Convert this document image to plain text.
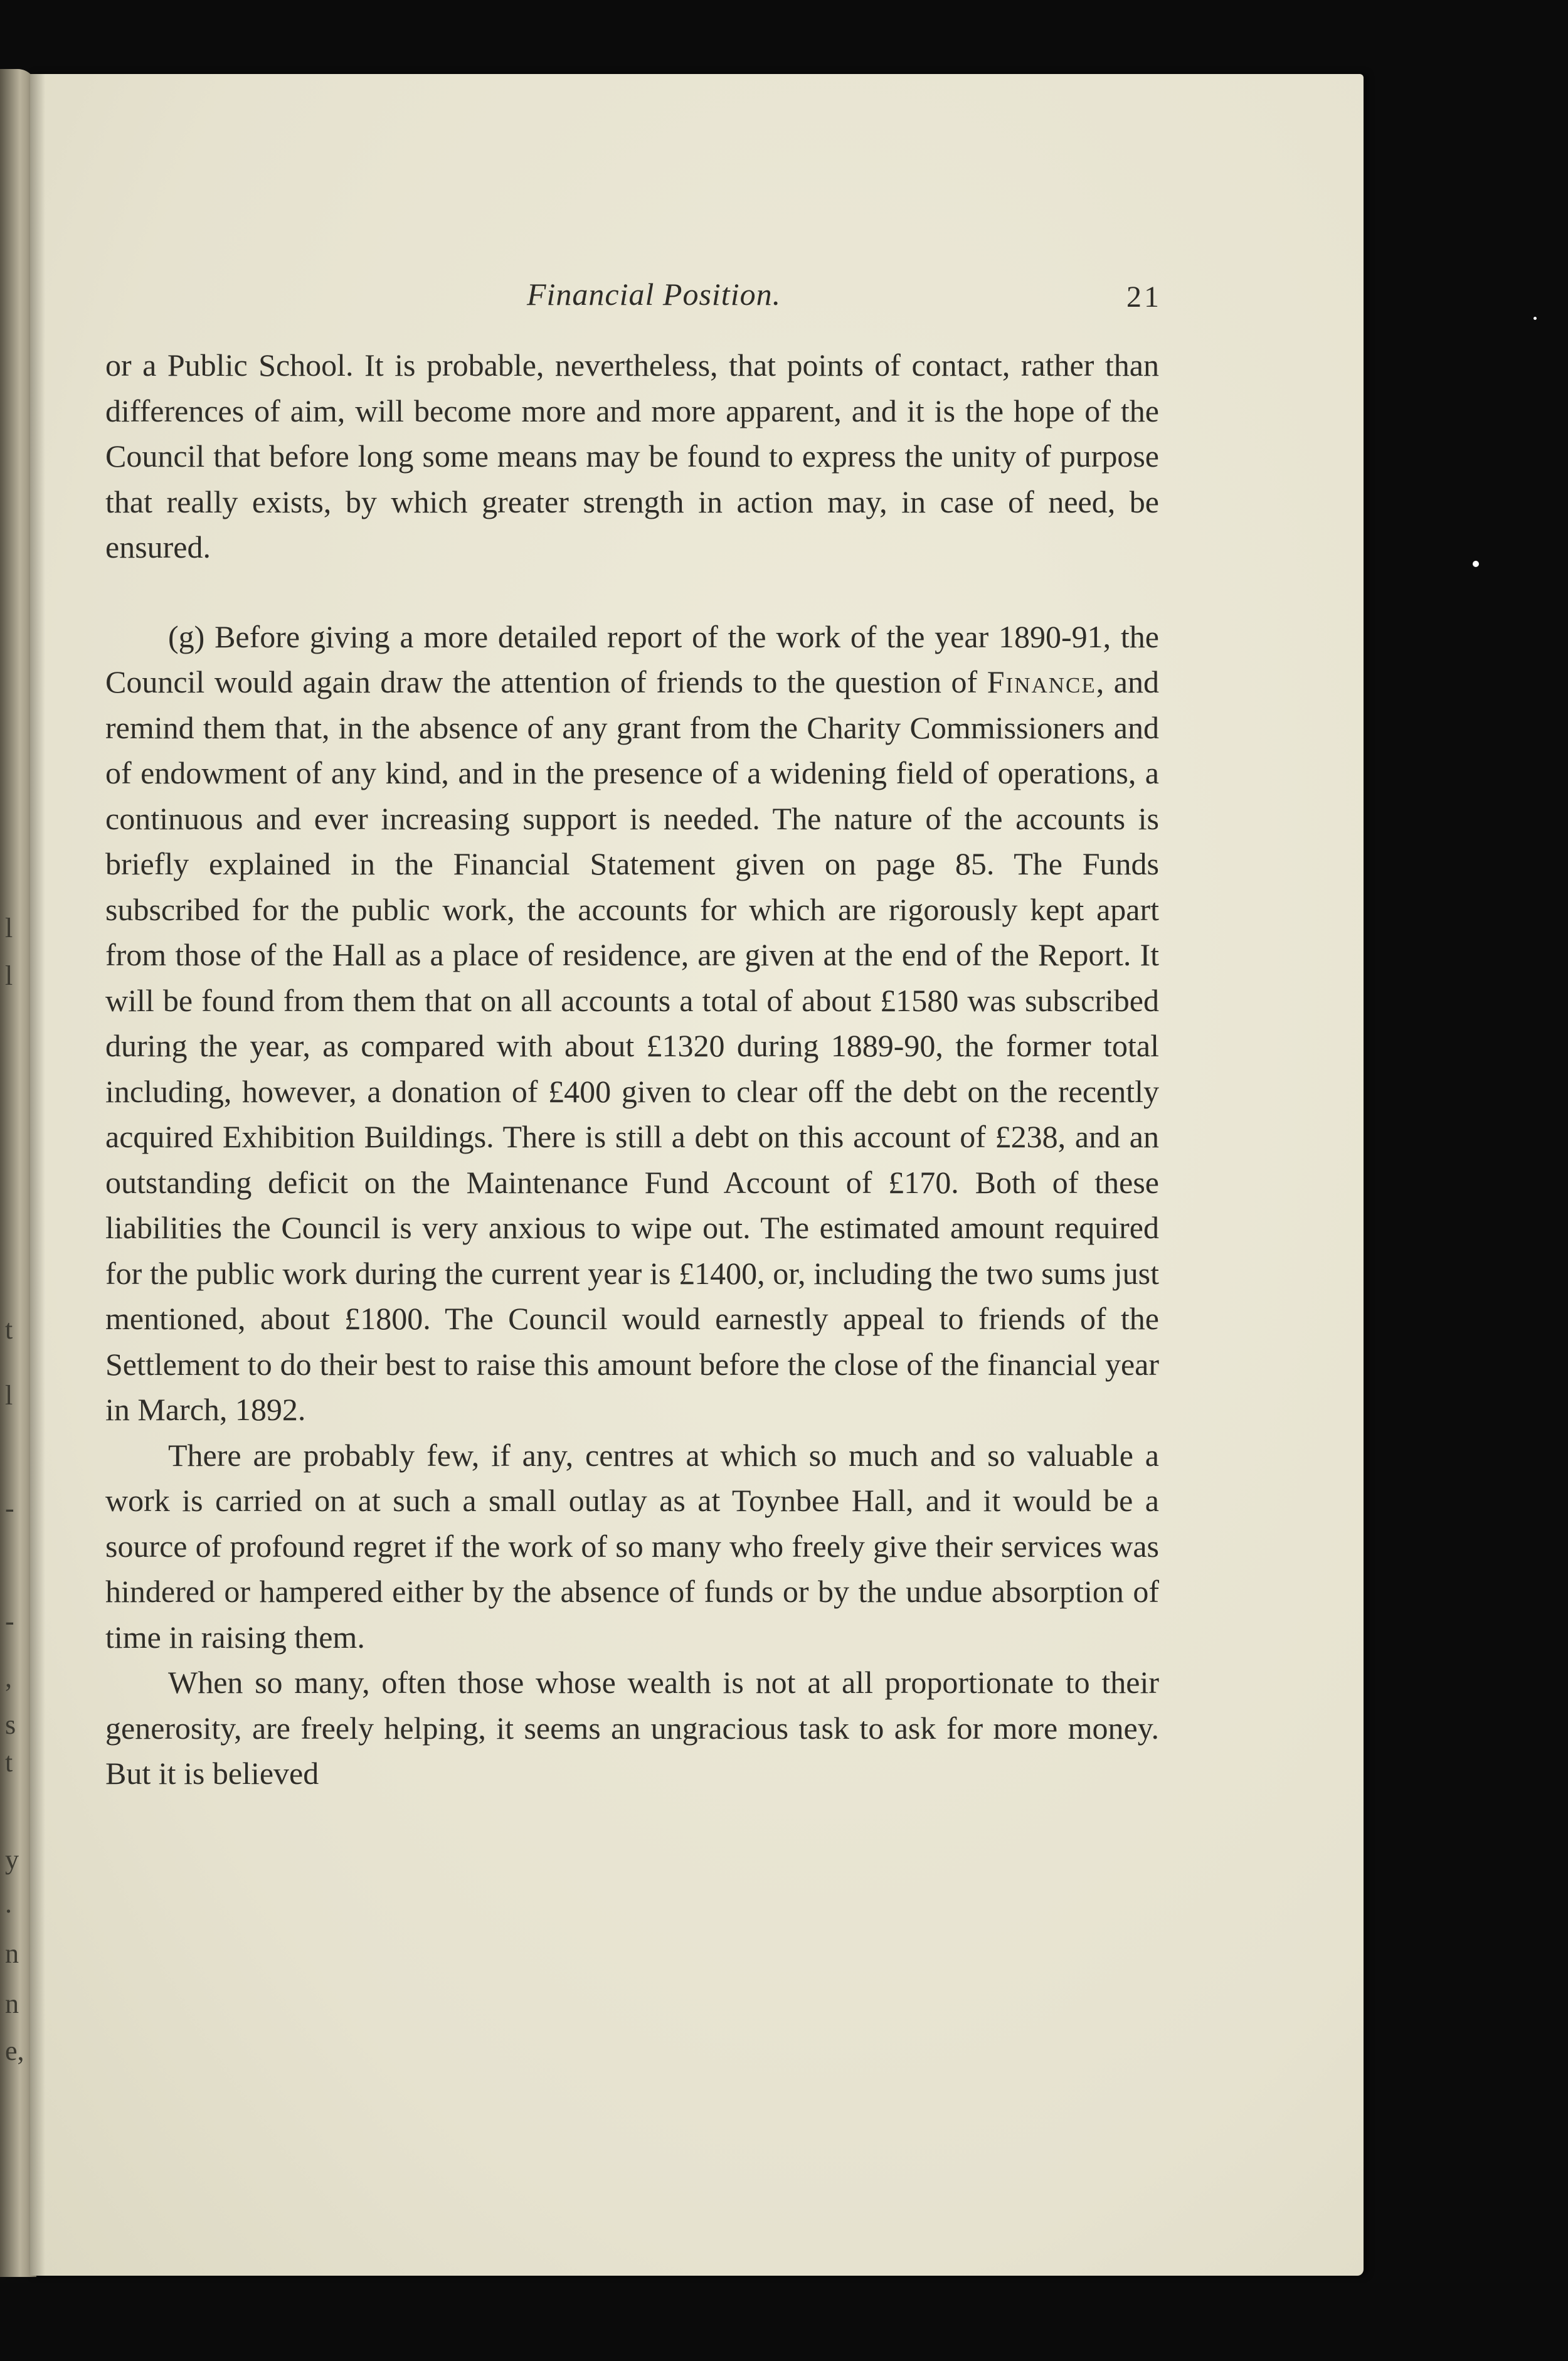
Financial Position.	21

or a Public School. It is probable, nevertheless, that points of contact, rather than differences of aim, will become more and more apparent, and it is the hope of the Council that before long some means may be found to express the unity of purpose that really exists, by which greater strength in action may, in case of need, be ensured.

(g) Before giving a more detailed report of the work of the year 1890-91, the Council would again draw the attention of friends to the question of Finance, and remind them that, in the absence of any grant from the Charity Commissioners and of endowment of any kind, and in the presence of a widening field of operations, a continuous and ever increasing support is needed. The nature of the accounts is briefly explained in the Financial Statement given on page 85. The Funds subscribed for the public work, the accounts for which are rigorously kept apart from those of the Hall as a place of residence, are given at the end of the Report. It will be found from them that on all accounts a total of about £1580 was subscribed during the year, as compared with about £1320 during 1889-90, the former total including, however, a donation of £400 given to clear off the debt on the recently acquired Exhibition Buildings. There is still a debt on this account of £238, and an outstanding deficit on the Maintenance Fund Account of £170. Both of these liabilities the Council is very anxious to wipe out. The estimated amount required for the public work during the current year is £1400, or, including the two sums just mentioned, about £1800. The Council would earnestly appeal to friends of the Settlement to do their best to raise this amount before the close of the financial year in March, 1892.

There are probably few, if any, centres at which so much and so valuable a work is carried on at such a small outlay as at Toynbee Hall, and it would be a source of profound regret if the work of so many who freely give their services was hindered or hampered either by the absence of funds or by the undue absorption of time in raising them.

When so many, often those whose wealth is not at all proportionate to their generosity, are freely helping, it seems an ungracious task to ask for more money. But it is believed
